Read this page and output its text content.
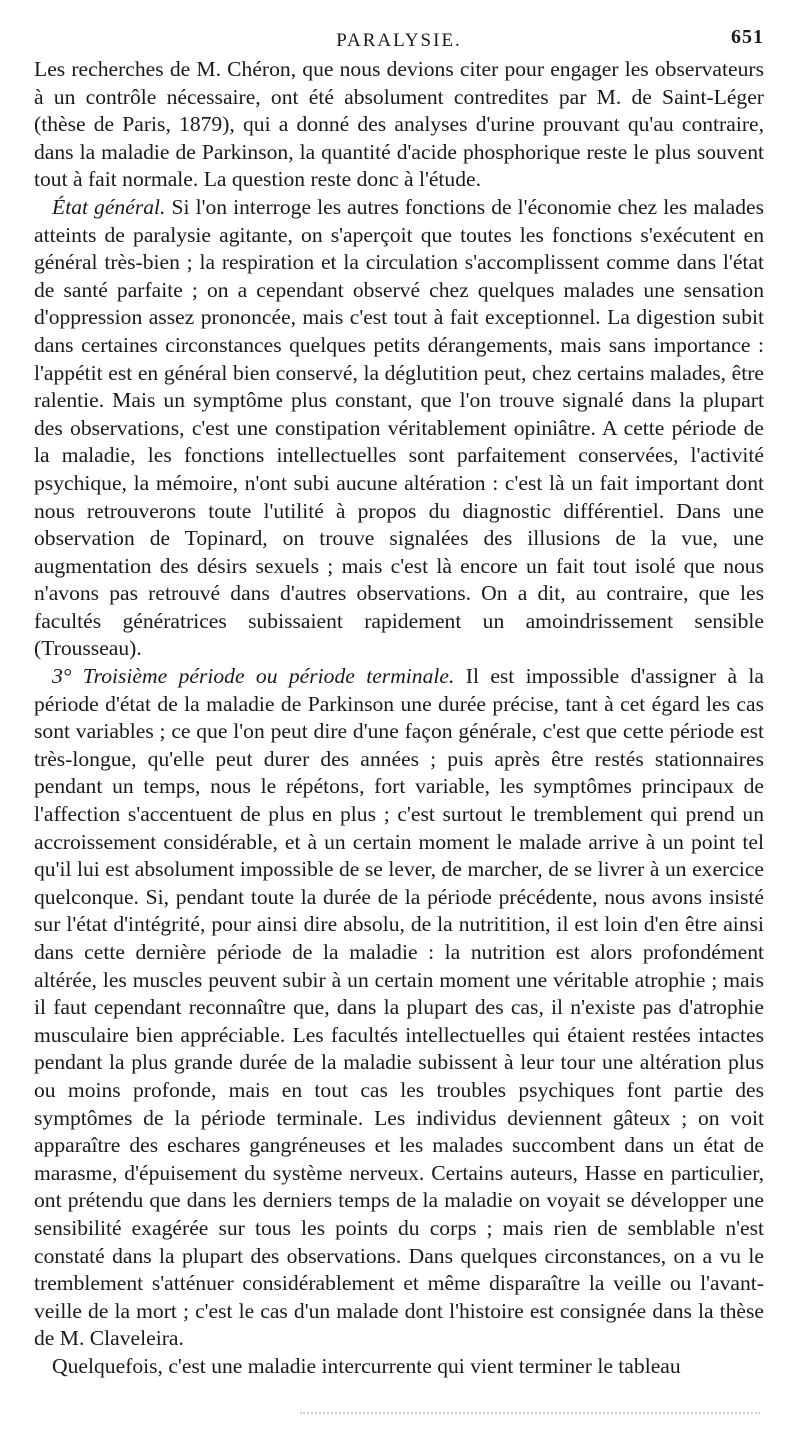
PARALYSIE.	651

Les recherches de M. Chéron, que nous devions citer pour engager les observateurs à un contrôle nécessaire, ont été absolument contredites par M. de Saint-Léger (thèse de Paris, 1879), qui a donné des analyses d'urine prouvant qu'au contraire, dans la maladie de Parkinson, la quantité d'acide phosphorique reste le plus souvent tout à fait normale. La question reste donc à l'étude.

État général. Si l'on interroge les autres fonctions de l'économie chez les malades atteints de paralysie agitante, on s'aperçoit que toutes les fonctions s'exécutent en général très-bien ; la respiration et la circulation s'accomplissent comme dans l'état de santé parfaite ; on a cependant observé chez quelques malades une sensation d'oppression assez prononcée, mais c'est tout à fait exceptionnel. La digestion subit dans certaines circonstances quelques petits dérangements, mais sans importance : l'appétit est en général bien conservé, la déglutition peut, chez certains malades, être ralentie. Mais un symptôme plus constant, que l'on trouve signalé dans la plupart des observations, c'est une constipation véritablement opiniâtre. A cette période de la maladie, les fonctions intellectuelles sont parfaitement conservées, l'activité psychique, la mémoire, n'ont subi aucune altération : c'est là un fait important dont nous retrouverons toute l'utilité à propos du diagnostic différentiel. Dans une observation de Topinard, on trouve signalées des illusions de la vue, une augmentation des désirs sexuels ; mais c'est là encore un fait tout isolé que nous n'avons pas retrouvé dans d'autres observations. On a dit, au contraire, que les facultés génératrices subissaient rapidement un amoindrissement sensible (Trousseau).

3° Troisième période ou période terminale. Il est impossible d'assigner à la période d'état de la maladie de Parkinson une durée précise, tant à cet égard les cas sont variables ; ce que l'on peut dire d'une façon générale, c'est que cette période est très-longue, qu'elle peut durer des années ; puis après être restés stationnaires pendant un temps, nous le répétons, fort variable, les symptômes principaux de l'affection s'accentuent de plus en plus ; c'est surtout le tremblement qui prend un accroissement considérable, et à un certain moment le malade arrive à un point tel qu'il lui est absolument impossible de se lever, de marcher, de se livrer à un exercice quelconque. Si, pendant toute la durée de la période précédente, nous avons insisté sur l'état d'intégrité, pour ainsi dire absolu, de la nutritition, il est loin d'en être ainsi dans cette dernière période de la maladie : la nutrition est alors profondément altérée, les muscles peuvent subir à un certain moment une véritable atrophie ; mais il faut cependant reconnaître que, dans la plupart des cas, il n'existe pas d'atrophie musculaire bien appréciable. Les facultés intellectuelles qui étaient restées intactes pendant la plus grande durée de la maladie subissent à leur tour une altération plus ou moins profonde, mais en tout cas les troubles psychiques font partie des symptômes de la période terminale. Les individus deviennent gâteux ; on voit apparaître des eschares gangréneuses et les malades succombent dans un état de marasme, d'épuisement du système nerveux. Certains auteurs, Hasse en particulier, ont prétendu que dans les derniers temps de la maladie on voyait se développer une sensibilité exagérée sur tous les points du corps ; mais rien de semblable n'est constaté dans la plupart des observations. Dans quelques circonstances, on a vu le tremblement s'atténuer considérablement et même disparaître la veille ou l'avant-veille de la mort ; c'est le cas d'un malade dont l'histoire est consignée dans la thèse de M. Claveleira.

Quelquefois, c'est une maladie intercurrente qui vient terminer le tableau
